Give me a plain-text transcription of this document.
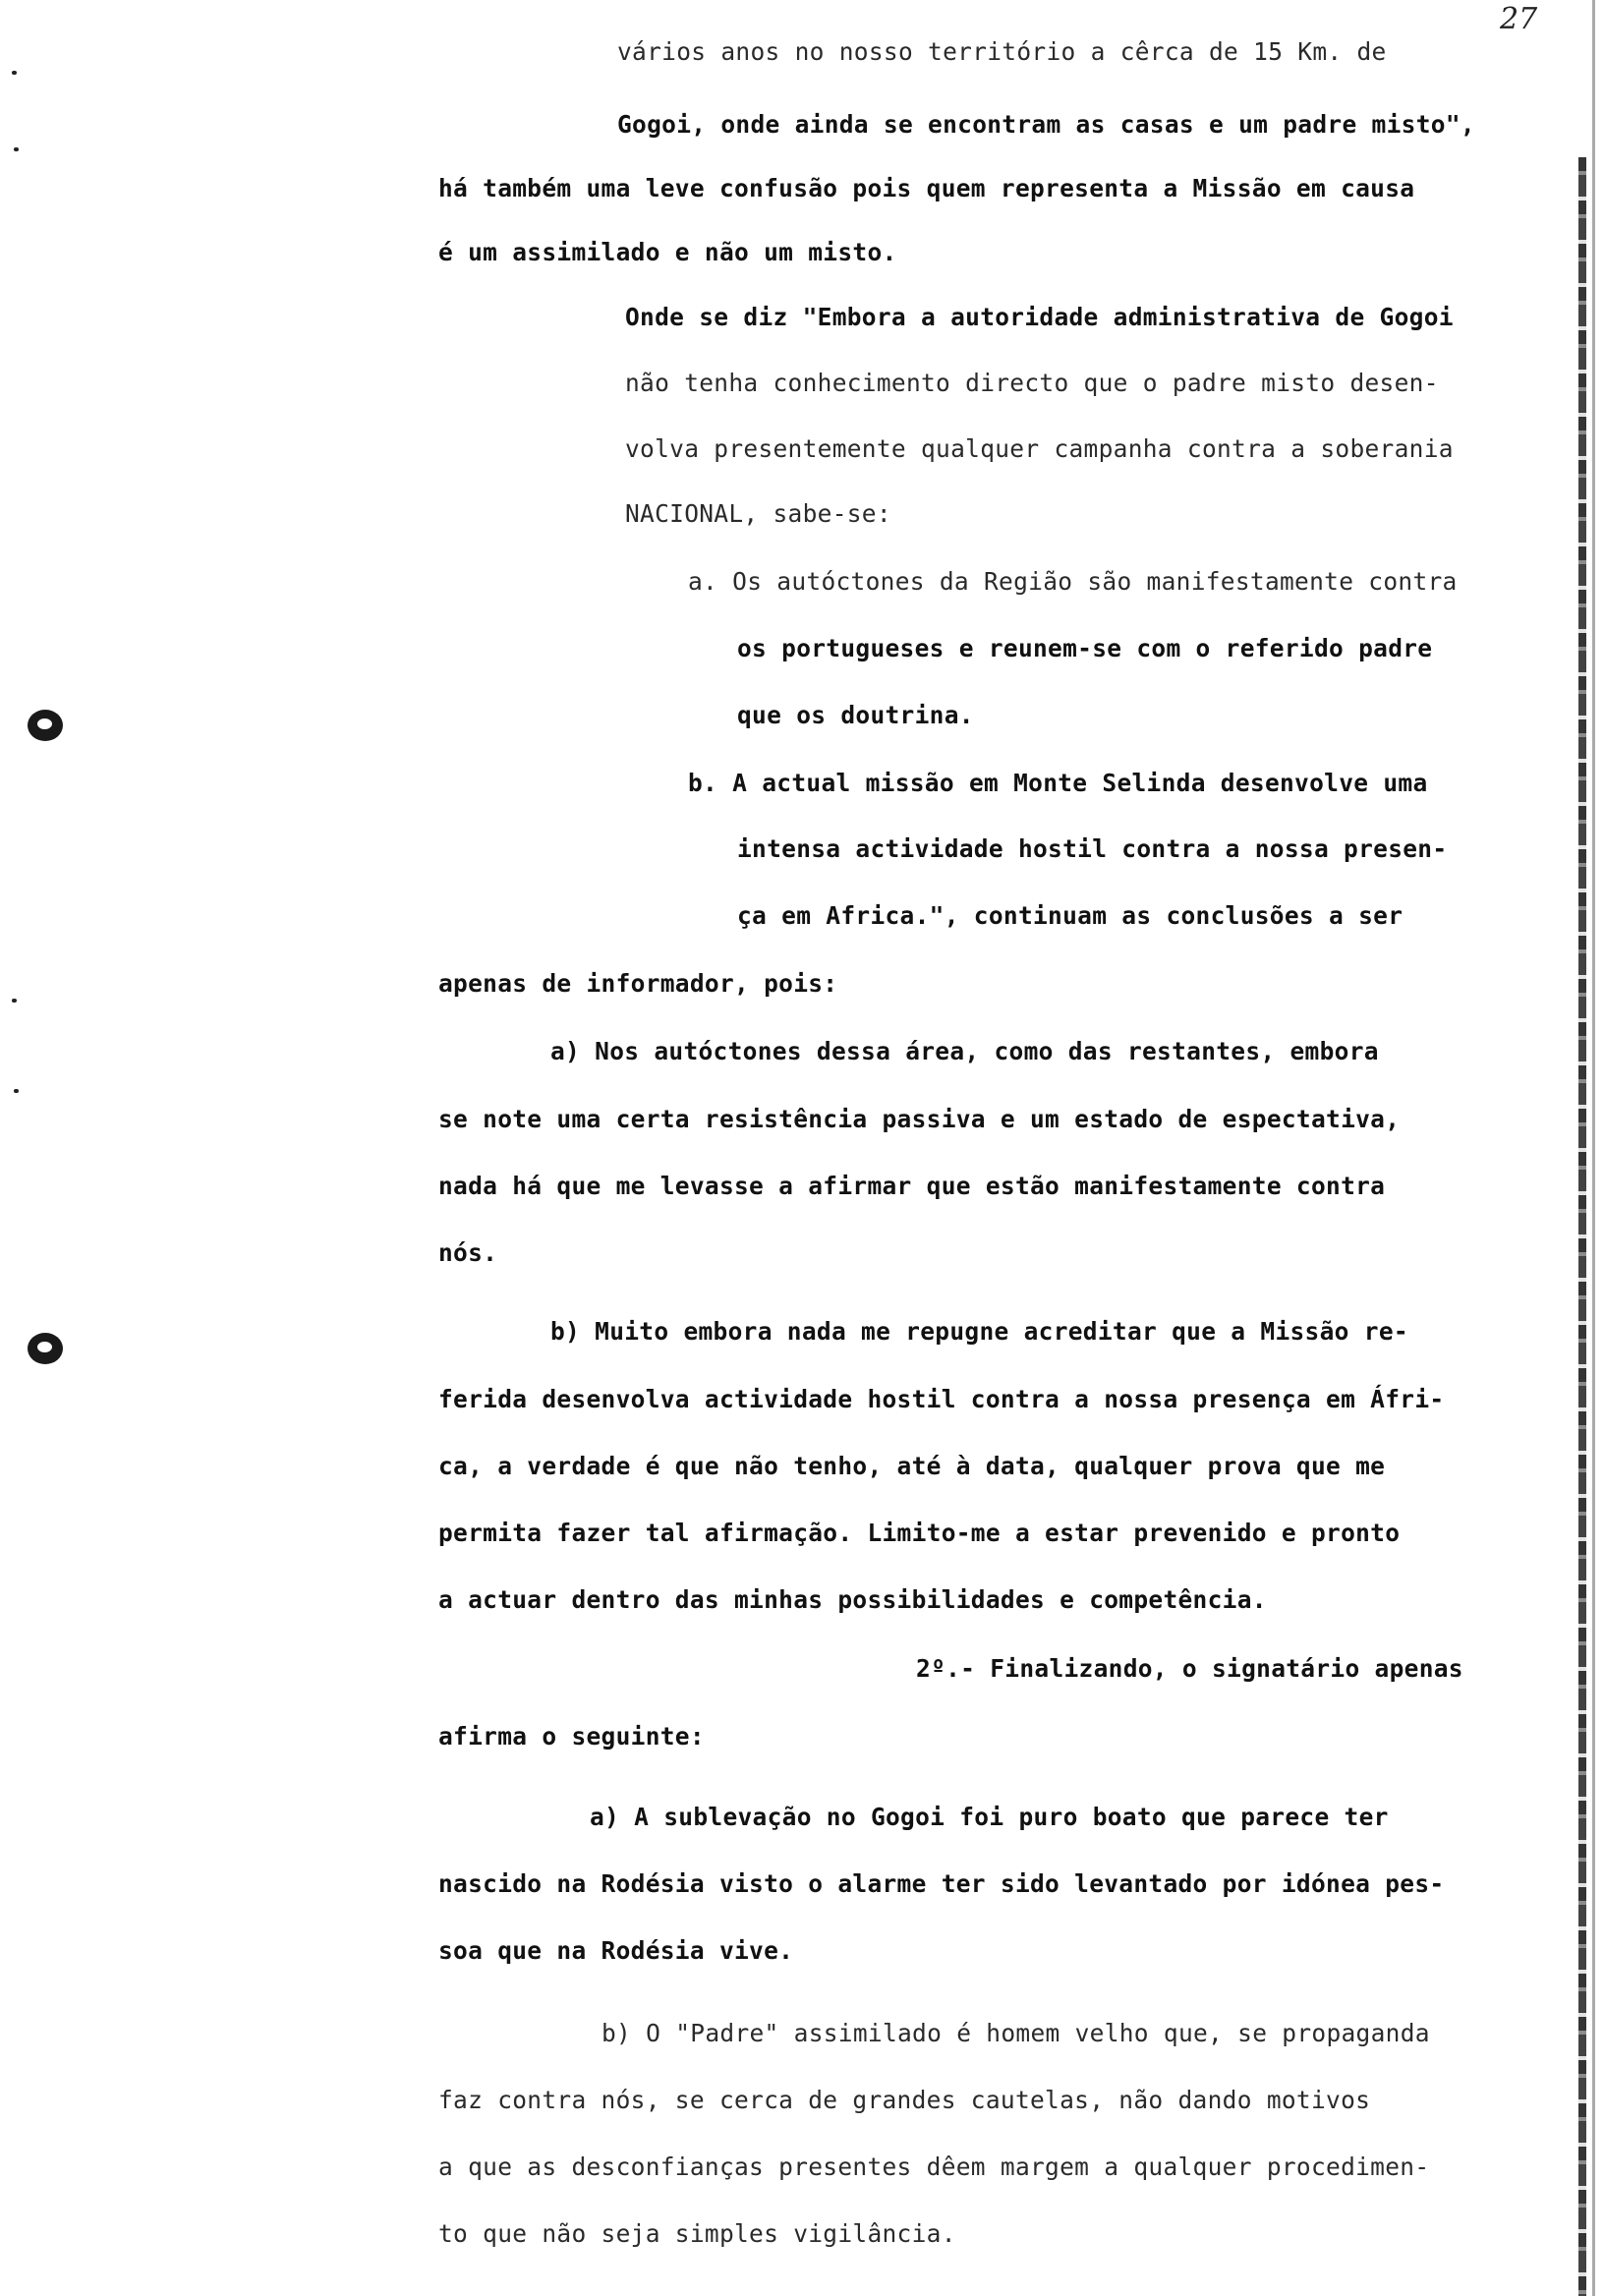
27

vários anos no nosso território a cêrca de 15 Km. de

Gogoi, onde ainda se encontram as casas e um padre misto",

há também uma leve confusão pois quem representa a Missão em causa

é um assimilado e não um misto.

Onde se diz "Embora a autoridade administrativa de Gogoi

não tenha conhecimento directo que o padre misto desen-

volva presentemente qualquer campanha contra a soberania

NACIONAL, sabe-se:

a. Os autóctones da Região são manifestamente contra

os portugueses e reunem-se com o referido padre

que os doutrina.

b. A actual missão em Monte Selinda desenvolve uma

intensa actividade hostil contra a nossa presen-

ça em Africa.", continuam as conclusões a ser

apenas de informador, pois:

a) Nos autóctones dessa área, como das restantes, embora

se note uma certa resistência passiva e um estado de espectativa,

nada há que me levasse a afirmar que estão manifestamente contra

nós.

b) Muito embora nada me repugne acreditar que a Missão re-

ferida desenvolva actividade hostil contra a nossa presença em Áfri-

ca, a verdade é que não tenho, até à data, qualquer prova que me

permita fazer tal afirmação. Limito-me a estar prevenido e pronto

a actuar dentro das minhas possibilidades e competência.

2º.- Finalizando, o signatário apenas

afirma o seguinte:

a) A sublevação no Gogoi foi puro boato que parece ter

nascido na Rodésia visto o alarme ter sido levantado por idónea pes-

soa que na Rodésia vive.

b) O "Padre" assimilado é homem velho que, se propaganda

faz contra nós, se cerca de grandes cautelas, não dando motivos

a que as desconfianças presentes dêem margem a qualquer procedimen-

to que não seja simples vigilância.
